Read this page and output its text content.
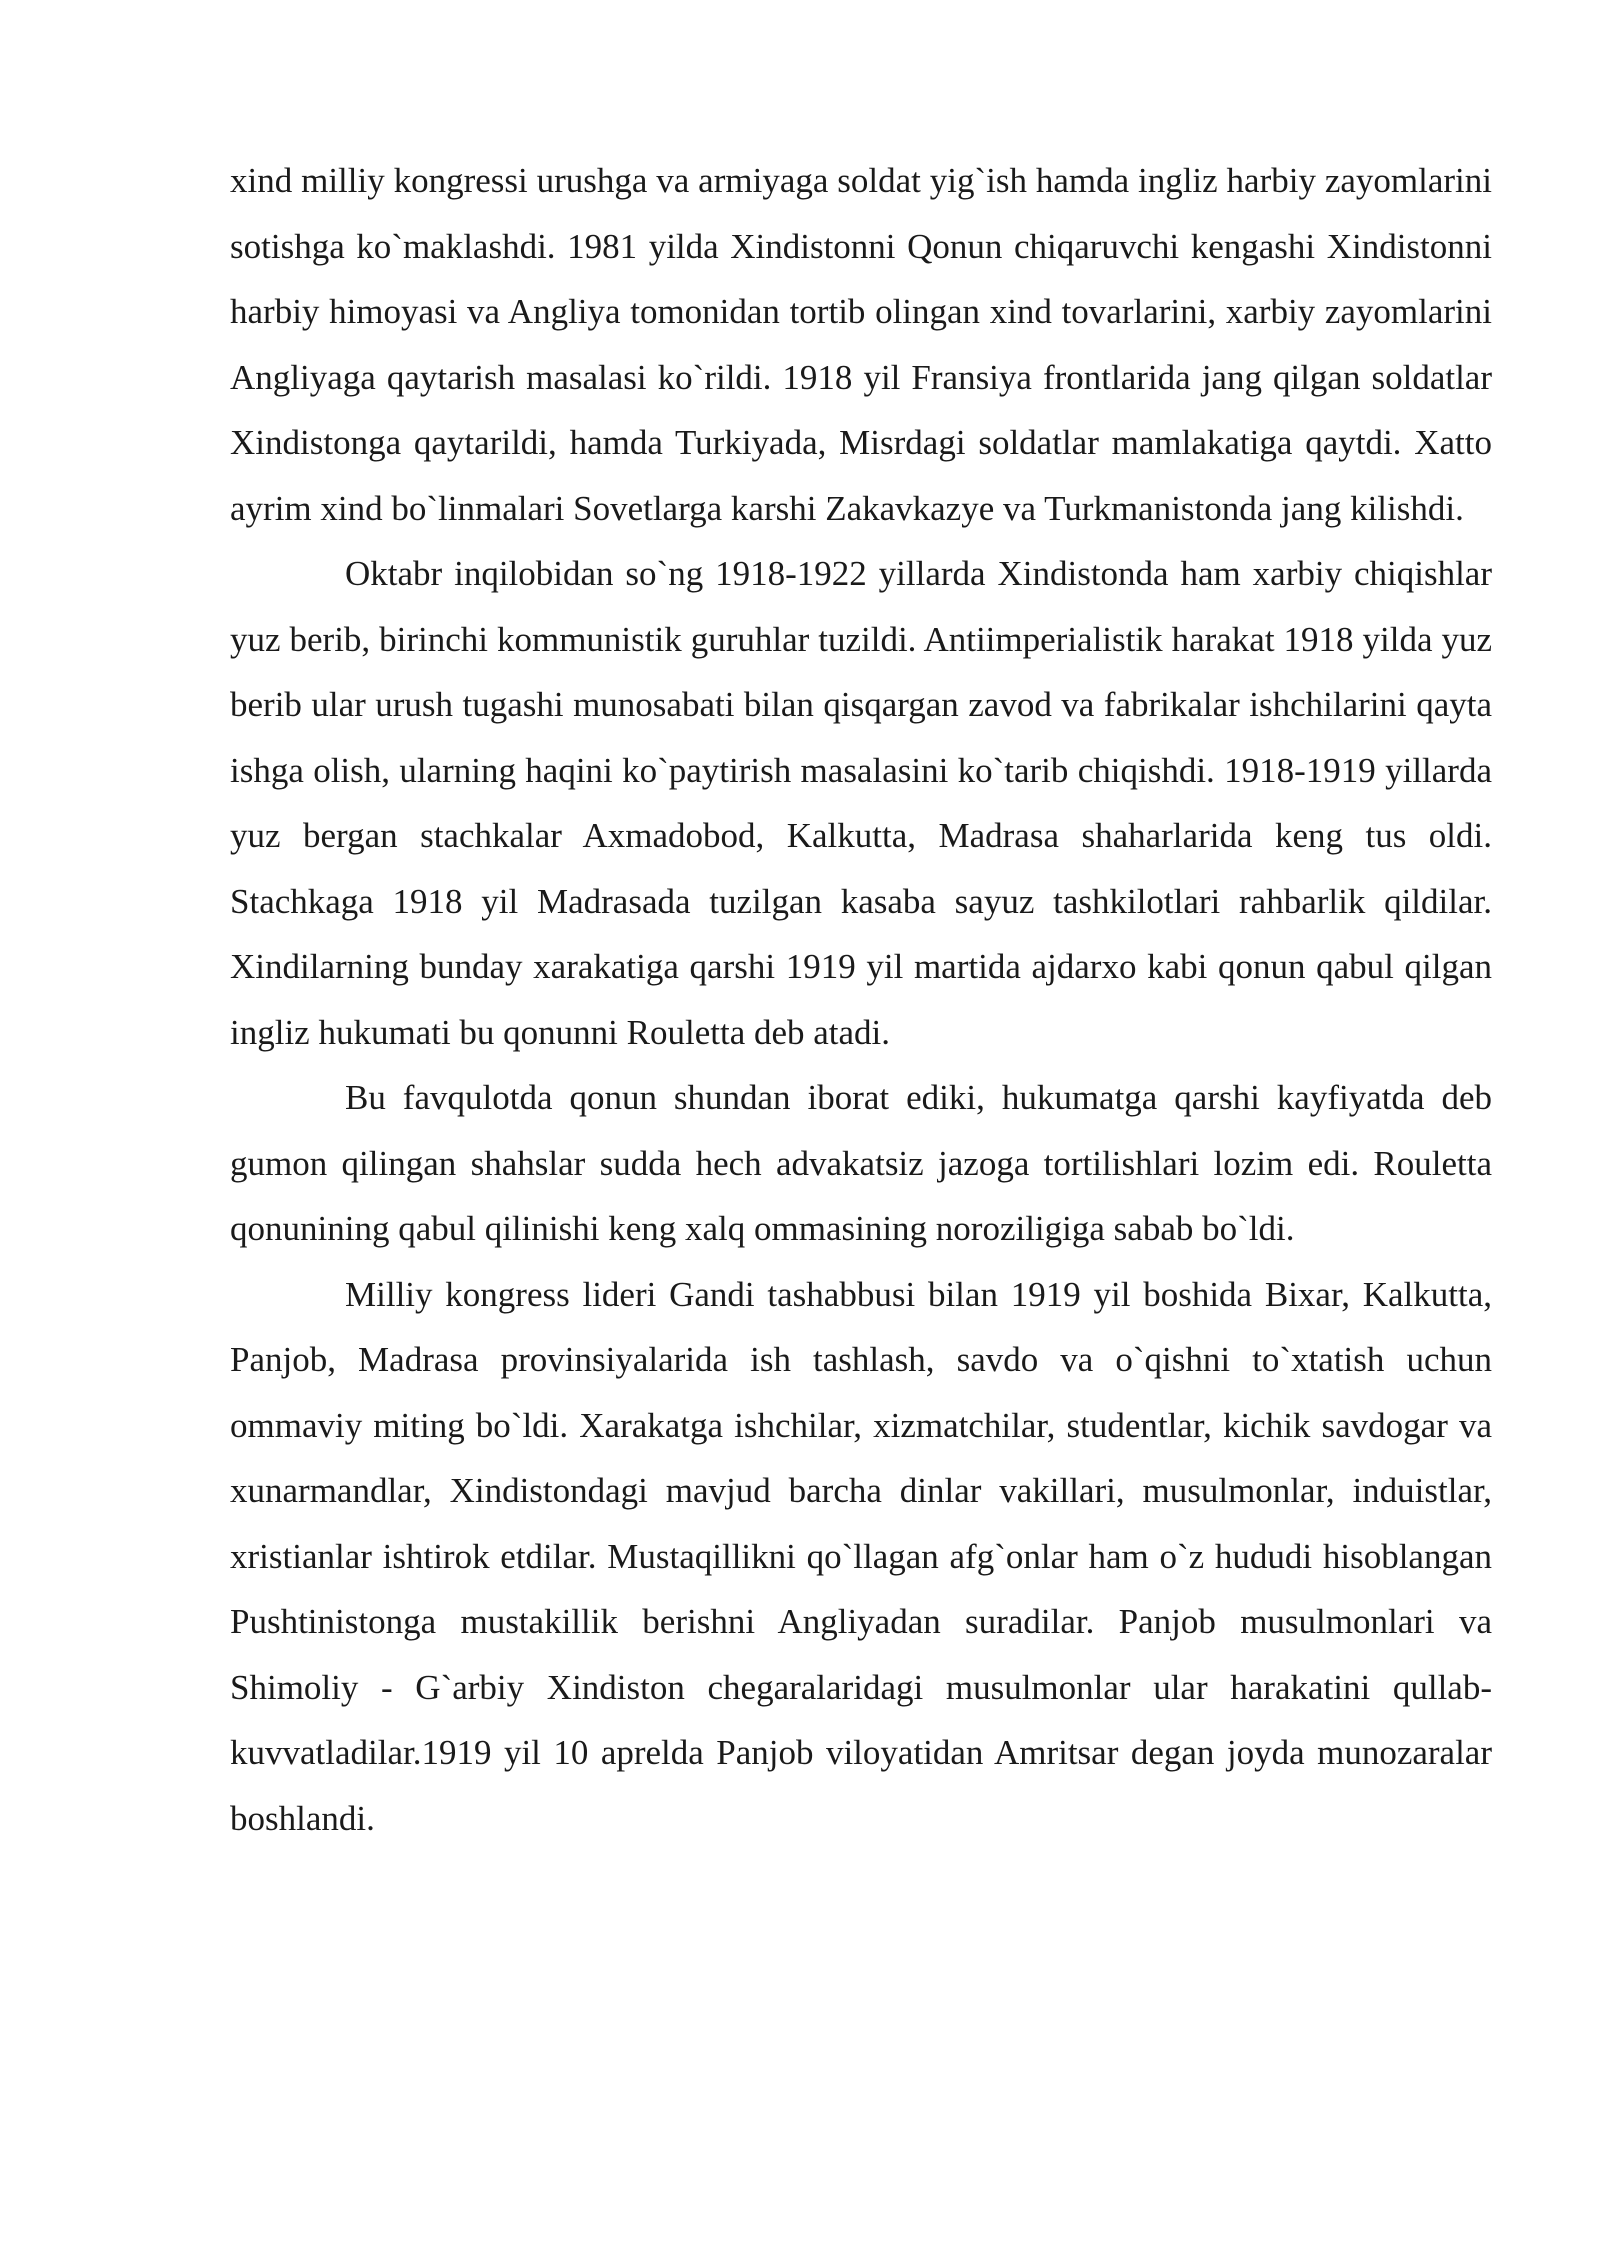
xind milliy kongressi urushga va armiyaga soldat yig`ish hamda ingliz harbiy zayomlarini sotishga ko`maklashdi. 1981 yilda Xindistonni Qonun chiqaruvchi kengashi Xindistonni harbiy himoyasi va Angliya tomonidan tortib olingan xind tovarlarini, xarbiy zayomlarini Angliyaga qaytarish masalasi ko`rildi. 1918 yil Fransiya frontlarida jang qilgan soldatlar Xindistonga qaytarildi, hamda Turkiyada, Misrdagi soldatlar mamlakatiga qaytdi. Xatto ayrim xind bo`linmalari Sovetlarga karshi Zakavkazye va Turkmanistonda jang kilishdi.

Oktabr inqilobidan so`ng 1918-1922 yillarda Xindistonda ham xarbiy chiqishlar yuz berib, birinchi kommunistik guruhlar tuzildi. Antiimperialistik harakat 1918 yilda yuz berib ular urush tugashi munosabati bilan qisqargan zavod va fabrikalar ishchilarini qayta ishga olish, ularning haqini ko`paytirish masalasini ko`tarib chiqishdi. 1918-1919 yillarda yuz bergan stachkalar Axmadobod, Kalkutta, Madrasa shaharlarida keng tus oldi. Stachkaga 1918 yil Madrasada tuzilgan kasaba sayuz tashkilotlari rahbarlik qildilar. Xindilarning bunday xarakatiga qarshi 1919 yil martida ajdarxo kabi qonun qabul qilgan ingliz hukumati bu qonunni Rouletta deb atadi.

Bu favqulotda qonun shundan iborat ediki, hukumatga qarshi kayfiyatda deb gumon qilingan shahslar sudda hech advakatsiz jazoga tortilishlari lozim edi. Rouletta qonunining qabul qilinishi keng xalq ommasining noroziligiga sabab bo`ldi.

Milliy kongress lideri Gandi tashabbusi bilan 1919 yil boshida Bixar, Kalkutta, Panjob, Madrasa provinsiyalarida ish tashlash, savdo va o`qishni to`xtatish uchun ommaviy miting bo`ldi. Xarakatga ishchilar, xizmatchilar, studentlar, kichik savdogar va xunarmandlar, Xindistondagi mavjud barcha dinlar vakillari, musulmonlar, induistlar, xristianlar ishtirok etdilar. Mustaqillikni qo`llagan afg`onlar ham o`z hududi hisoblangan Pushtinistonga mustakillik berishni Angliyadan suradilar. Panjob musulmonlari va Shimoliy - G`arbiy Xindiston chegaralaridagi musulmonlar ular harakatini qullab-kuvvatladilar.1919 yil 10 aprelda Panjob viloyatidan Amritsar degan joyda munozaralar boshlandi.
